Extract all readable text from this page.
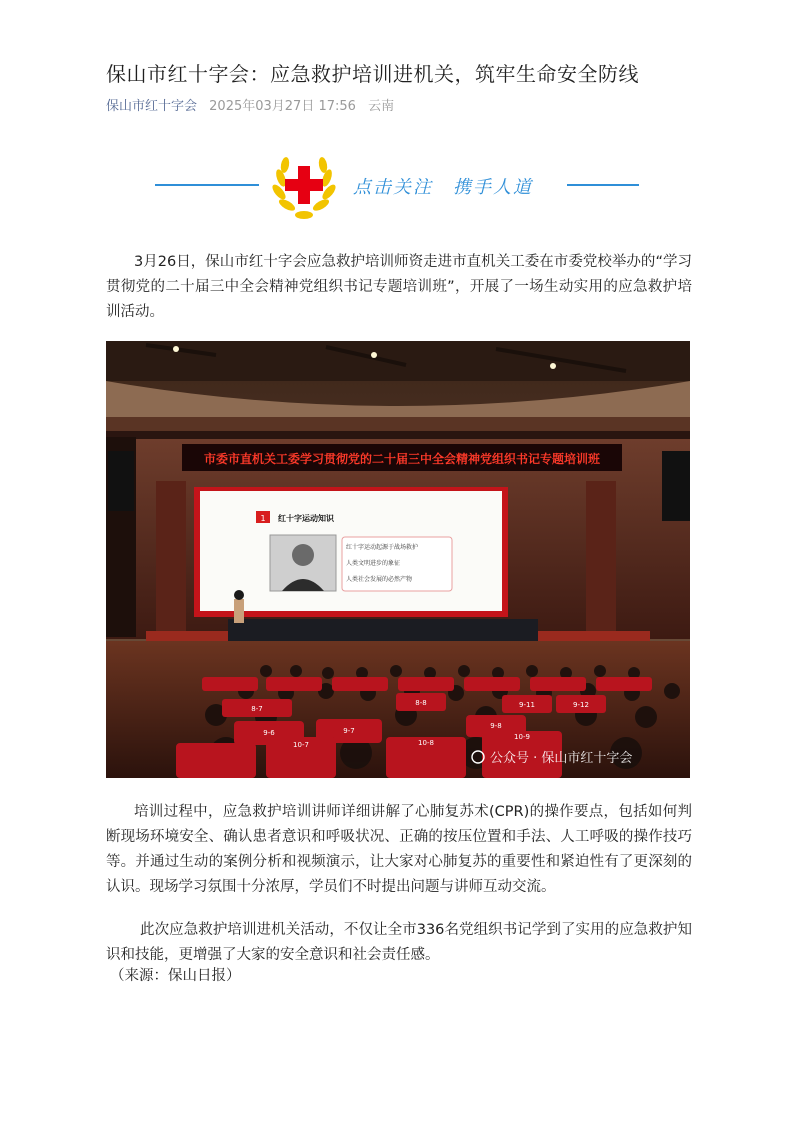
保山市红十字会：应急救护培训进机关，筑牢生命安全防线
保山市红十字会 2025年03月27日 17:56 云南
点击关注 携手人道
3月26日，保山市红十字会应急救护培训师资走进市直机关工委在市委党校举办的“学习贯彻党的二十届三中全会精神党组织书记专题培训班”，开展了一场生动实用的应急救护培训活动。
市委市直机关工委学习贯彻党的二十届三中全会精神党组织书记专题培训班
1 红十字运动知识
红十字运动起源于战场救护
人类文明进步的象征
人类社会发展的必然产物
10-7	10-8
10-9
9-6	9-7
9-8
9-11	9-12
8-8
8-7
公众号 · 保山市红十字会
培训过程中，应急救护培训讲师详细讲解了心肺复苏术(CPR)的操作要点，包括如何判断现场环境安全、确认患者意识和呼吸状况、正确的按压位置和手法、人工呼吸的操作技巧等。并通过生动的案例分析和视频演示，让大家对心肺复苏的重要性和紧迫性有了更深刻的认识。现场学习氛围十分浓厚，学员们不时提出问题与讲师互动交流。
此次应急救护培训进机关活动，不仅让全市336名党组织书记学到了实用的应急救护知识和技能，更增强了大家的安全意识和社会责任感。
（来源：保山日报）
